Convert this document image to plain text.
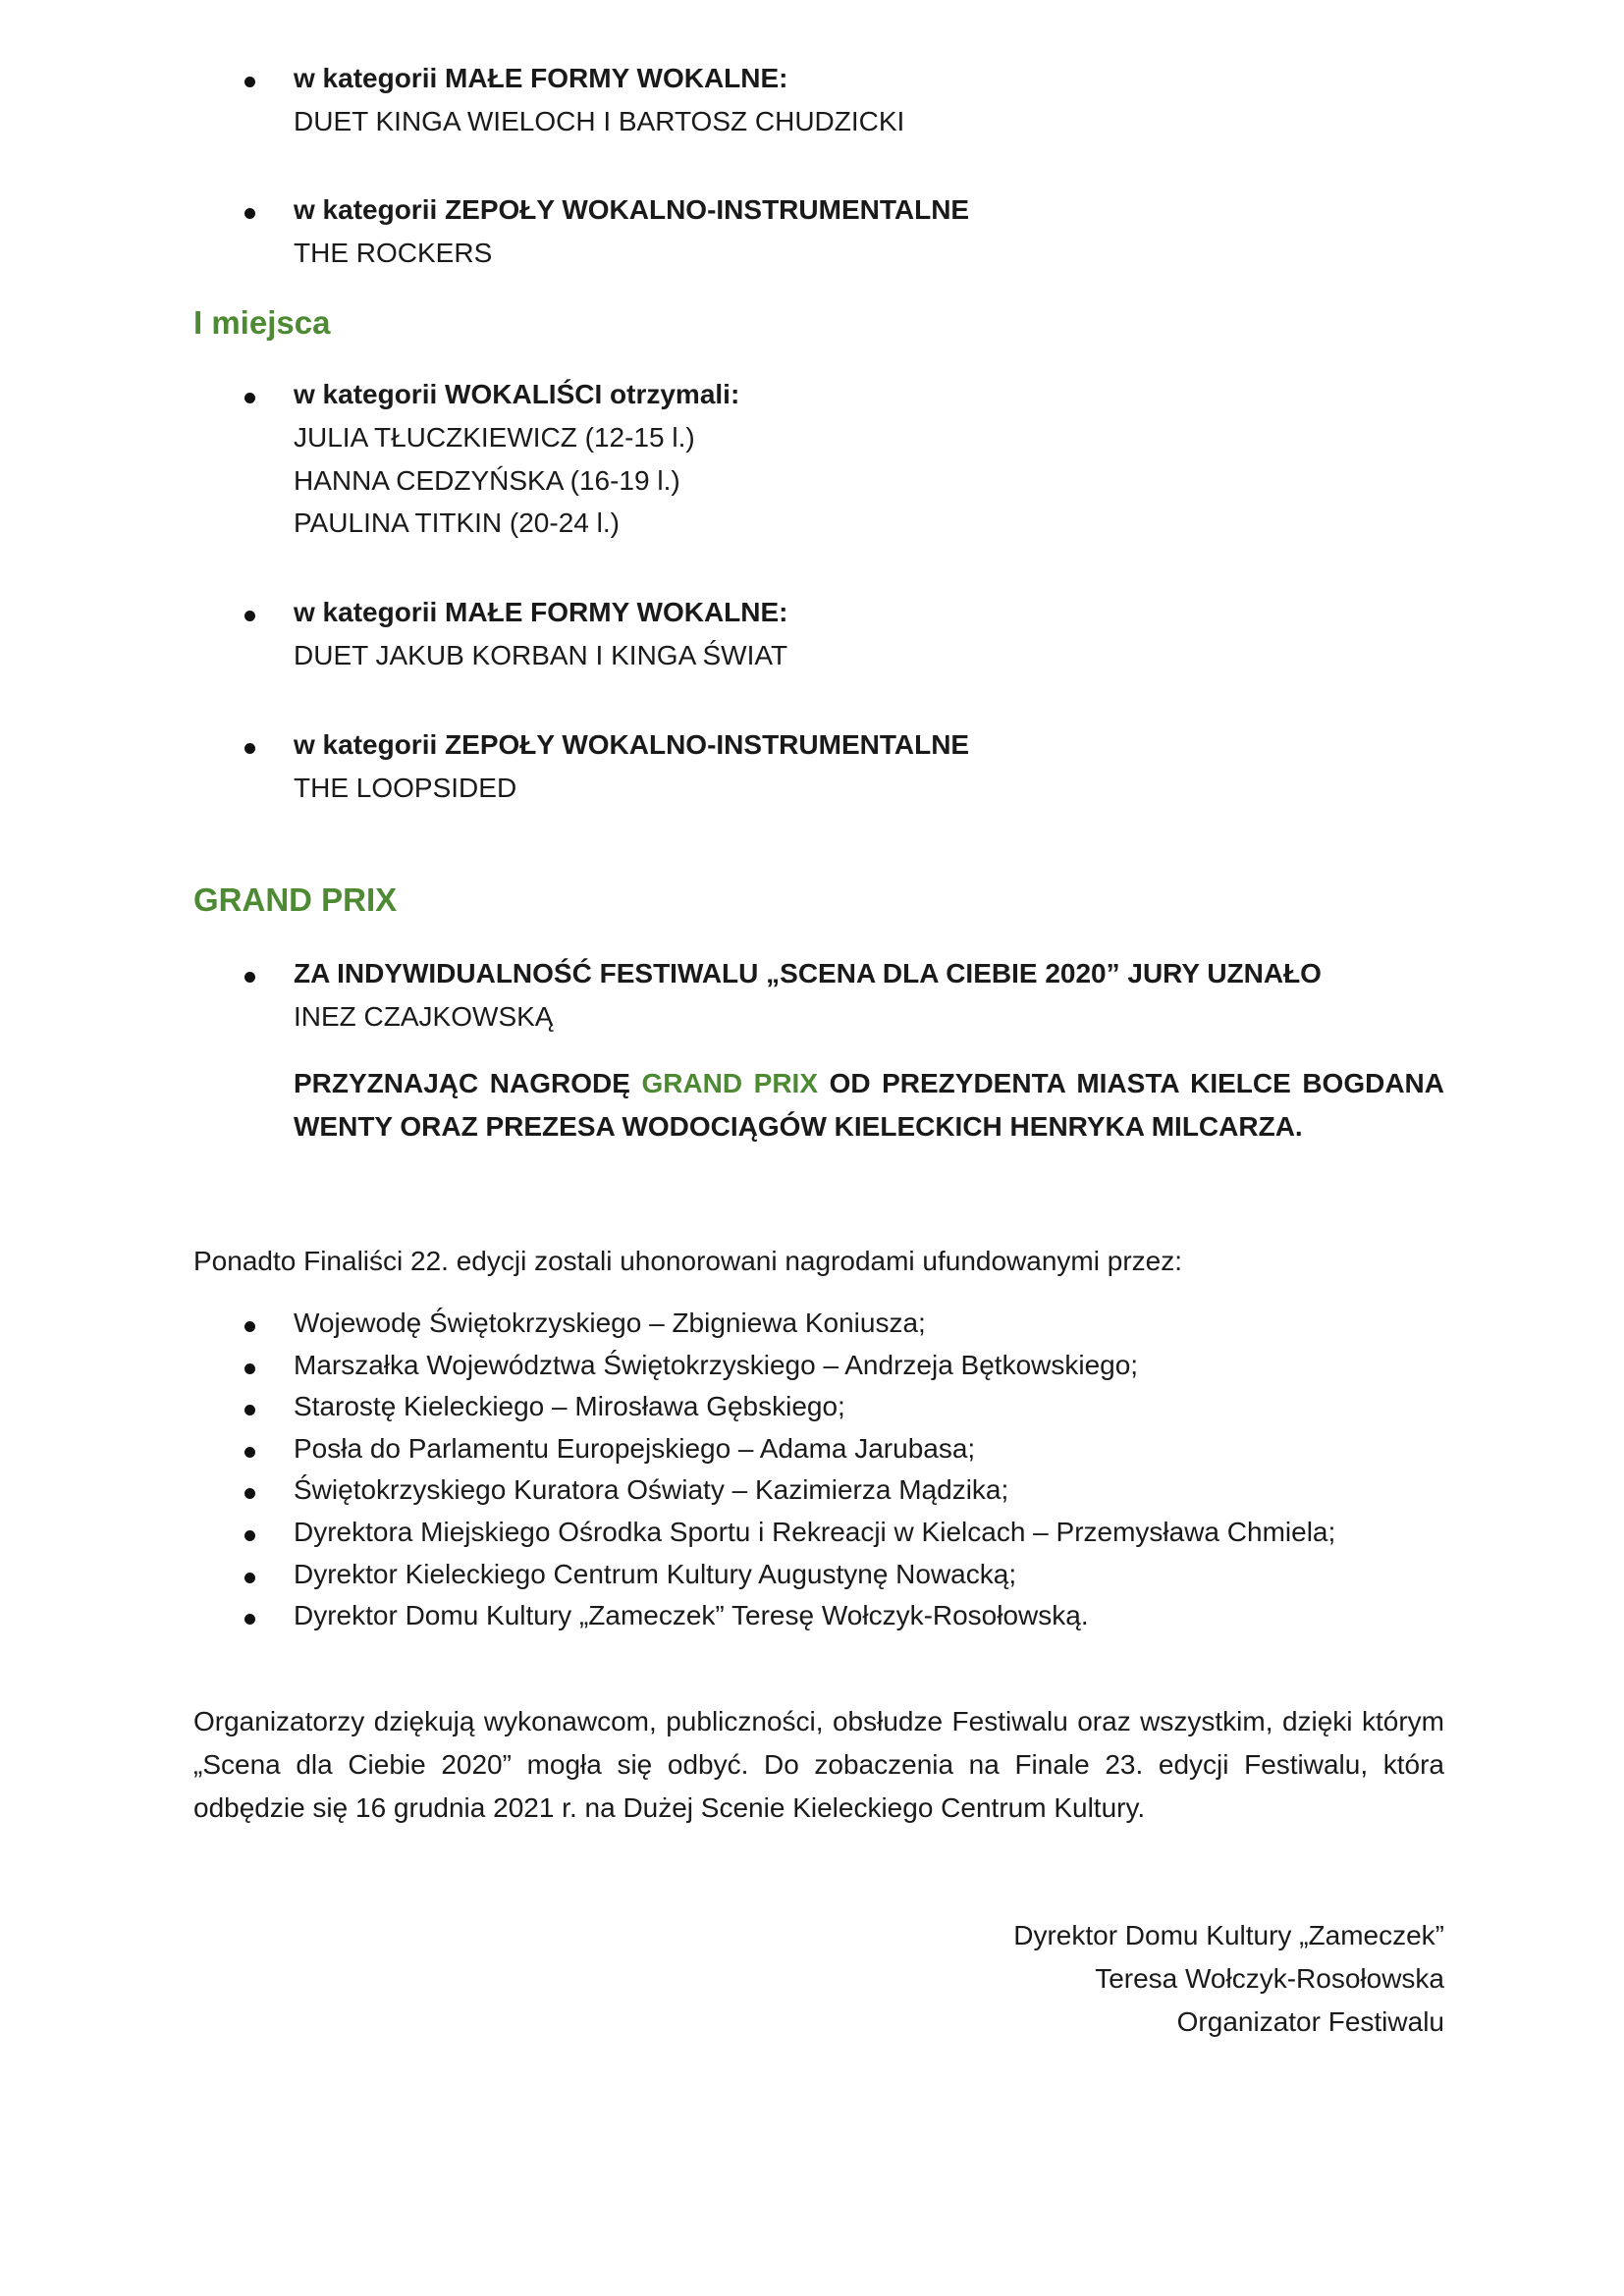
w kategorii MAŁE FORMY WOKALNE:
DUET KINGA WIELOCH I BARTOSZ CHUDZICKI
w kategorii ZEPOŁY WOKALNO-INSTRUMENTALNE
THE ROCKERS
I miejsca
w kategorii WOKALIŚCI otrzymali:
JULIA TŁUCZKIEWICZ (12-15 l.)
HANNA CEDZYŃSKA (16-19 l.)
PAULINA TITKIN (20-24 l.)
w kategorii MAŁE FORMY WOKALNE:
DUET JAKUB KORBAN I KINGA ŚWIAT
w kategorii ZEPOŁY WOKALNO-INSTRUMENTALNE
THE LOOPSIDED
GRAND PRIX
ZA INDYWIDUALNOŚĆ FESTIWALU „SCENA DLA CIEBIE 2020” JURY UZNAŁO
INEZ CZAJKOWSKĄ
PRZYZNAJĄC NAGRODĘ GRAND PRIX OD PREZYDENTA MIASTA KIELCE BOGDANA WENTY ORAZ PREZESA WODOCIĄGÓW KIELECKICH HENRYKA MILCARZA.
Ponadto Finaliści 22. edycji zostali uhonorowani nagrodami ufundowanymi przez:
Wojewodę Świętokrzyskiego – Zbigniewa Koniusza;
Marszałka Województwa Świętokrzyskiego – Andrzeja Bętkowskiego;
Starostę Kieleckiego – Mirosława Gębskiego;
Posła do Parlamentu Europejskiego – Adama Jarubasa;
Świętokrzyskiego Kuratora Oświaty – Kazimierza Mądzika;
Dyrektora Miejskiego Ośrodka Sportu i Rekreacji w Kielcach – Przemysława Chmiela;
Dyrektor Kieleckiego Centrum Kultury Augustynę Nowacką;
Dyrektor Domu Kultury „Zameczek” Teresę Wołczyk-Rosołowską.
Organizatorzy dziękują wykonawcom, publiczności, obsłudze Festiwalu oraz wszystkim, dzięki którym „Scena dla Ciebie 2020” mogła się odbyć. Do zobaczenia na Finale 23. edycji Festiwalu, która odbędzie się 16 grudnia 2021 r. na Dużej Scenie Kieleckiego Centrum Kultury.
Dyrektor Domu Kultury „Zameczek”
Teresa Wołczyk-Rosołowska
Organizator Festiwalu
